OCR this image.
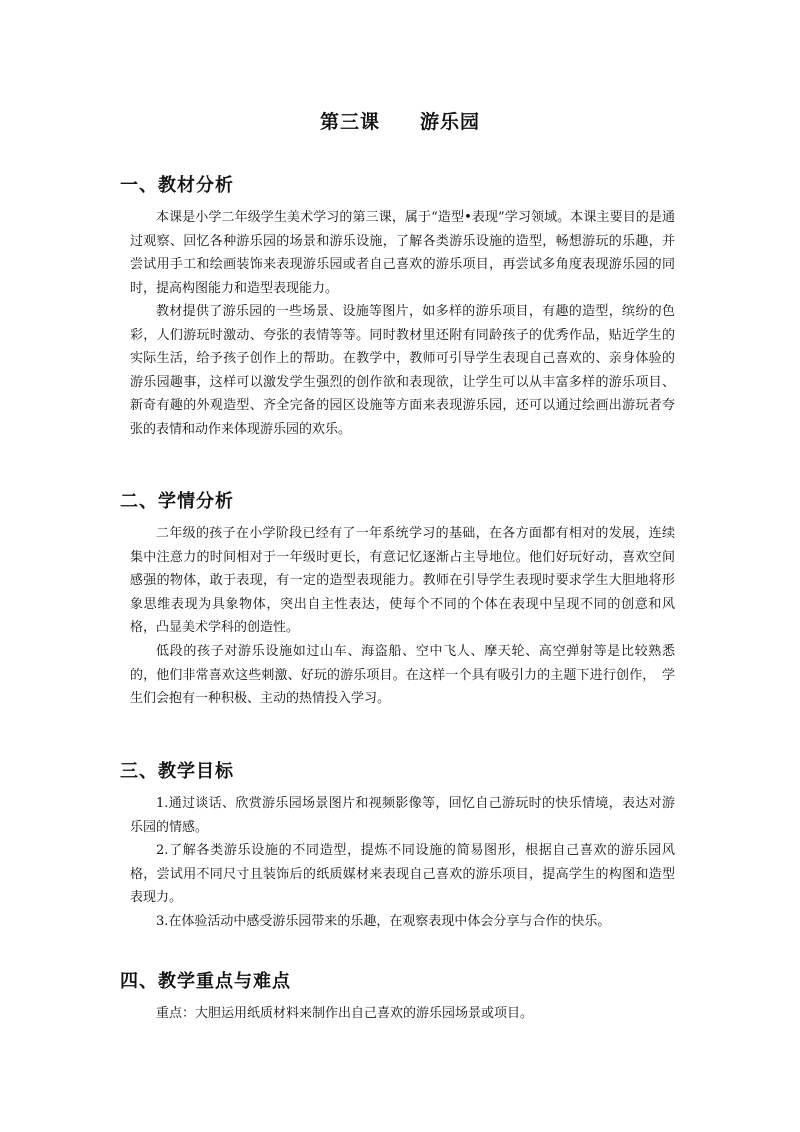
第三课　　游乐园
一、教材分析

本课是小学二年级学生美术学习的第三课，属于“造型•表现”学习领域。本课主要目的是通过观察、回忆各种游乐园的场景和游乐设施，了解各类游乐设施的造型，畅想游玩的乐趣，并尝试用手工和绘画装饰来表现游乐园或者自己喜欢的游乐项目，再尝试多角度表现游乐园的同时，提高构图能力和造型表现能力。

教材提供了游乐园的一些场景、设施等图片，如多样的游乐项目，有趣的造型，缤纷的色彩，人们游玩时激动、夸张的表情等等。同时教材里还附有同龄孩子的优秀作品，贴近学生的实际生活，给予孩子创作上的帮助。在教学中，教师可引导学生表现自己喜欢的、亲身体验的游乐园趣事，这样可以激发学生强烈的创作欲和表现欲，让学生可以从丰富多样的游乐项目、新奇有趣的外观造型、齐全完备的园区设施等方面来表现游乐园，还可以通过绘画出游玩者夸张的表情和动作来体现游乐园的欢乐。

二、学情分析

二年级的孩子在小学阶段已经有了一年系统学习的基础，在各方面都有相对的发展，连续集中注意力的时间相对于一年级时更长，有意记忆逐渐占主导地位。他们好玩好动，喜欢空间感强的物体，敢于表现，有一定的造型表现能力。教师在引导学生表现时要求学生大胆地将形象思维表现为具象物体，突出自主性表达，使每个不同的个体在表现中呈现不同的创意和风格，凸显美术学科的创造性。

低段的孩子对游乐设施如过山车、海盗船、空中飞人、摩天轮、高空弹射等是比较熟悉的，他们非常喜欢这些刺激、好玩的游乐项目。在这样一个具有吸引力的主题下进行创作，　学生们会抱有一种积极、主动的热情投入学习。

三、教学目标

1.通过谈话、欣赏游乐园场景图片和视频影像等，回忆自己游玩时的快乐情境，表达对游乐园的情感。

2.了解各类游乐设施的不同造型，提炼不同设施的简易图形，根据自己喜欢的游乐园风格，尝试用不同尺寸且装饰后的纸质媒材来表现自己喜欢的游乐项目，提高学生的构图和造型表现力。

3.在体验活动中感受游乐园带来的乐趣，在观察表现中体会分享与合作的快乐。

四、教学重点与难点

重点：大胆运用纸质材料来制作出自己喜欢的游乐园场景或项目。
